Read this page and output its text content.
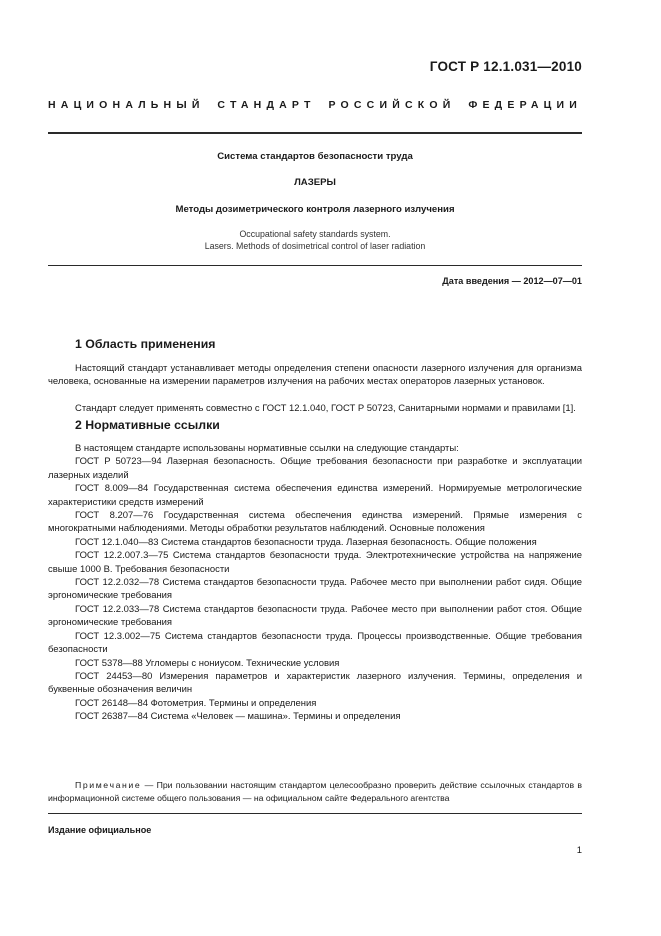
ГОСТ Р 12.1.031—2010
НАЦИОНАЛЬНЫЙ СТАНДАРТ РОССИЙСКОЙ ФЕДЕРАЦИИ
Система стандартов безопасности труда
ЛАЗЕРЫ
Методы дозиметрического контроля лазерного излучения
Occupational safety standards system.
Lasers. Methods of dosimetrical control of laser radiation
Дата введения — 2012—07—01
1 Область применения

Настоящий стандарт устанавливает методы определения степени опасности лазерного излучения для организма человека, основанные на измерении параметров излучения на рабочих местах операторов лазерных установок.

Стандарт следует применять совместно с ГОСТ 12.1.040, ГОСТ Р 50723, Санитарными нормами и правилами [1].

2 Нормативные ссылки

В настоящем стандарте использованы нормативные ссылки на следующие стандарты:

ГОСТ Р 50723—94 Лазерная безопасность. Общие требования безопасности при разработке и эксплуатации лазерных изделий

ГОСТ 8.009—84 Государственная система обеспечения единства измерений. Нормируемые метрологические характеристики средств измерений

ГОСТ 8.207—76 Государственная система обеспечения единства измерений. Прямые измерения с многократными наблюдениями. Методы обработки результатов наблюдений. Основные положения

ГОСТ 12.1.040—83 Система стандартов безопасности труда. Лазерная безопасность. Общие положения

ГОСТ 12.2.007.3—75 Система стандартов безопасности труда. Электротехнические устройства на напряжение свыше 1000 В. Требования безопасности

ГОСТ 12.2.032—78 Система стандартов безопасности труда. Рабочее место при выполнении работ сидя. Общие эргономические требования

ГОСТ 12.2.033—78 Система стандартов безопасности труда. Рабочее место при выполнении работ стоя. Общие эргономические требования

ГОСТ 12.3.002—75 Система стандартов безопасности труда. Процессы производственные. Общие требования безопасности

ГОСТ 5378—88 Угломеры с нониусом. Технические условия

ГОСТ 24453—80 Измерения параметров и характеристик лазерного излучения. Термины, определения и буквенные обозначения величин

ГОСТ 26148—84 Фотометрия. Термины и определения

ГОСТ 26387—84 Система «Человек — машина». Термины и определения

Примечание — При пользовании настоящим стандартом целесообразно проверить действие ссылочных стандартов в информационной системе общего пользования — на официальном сайте Федерального агентства

Издание официальное
1
